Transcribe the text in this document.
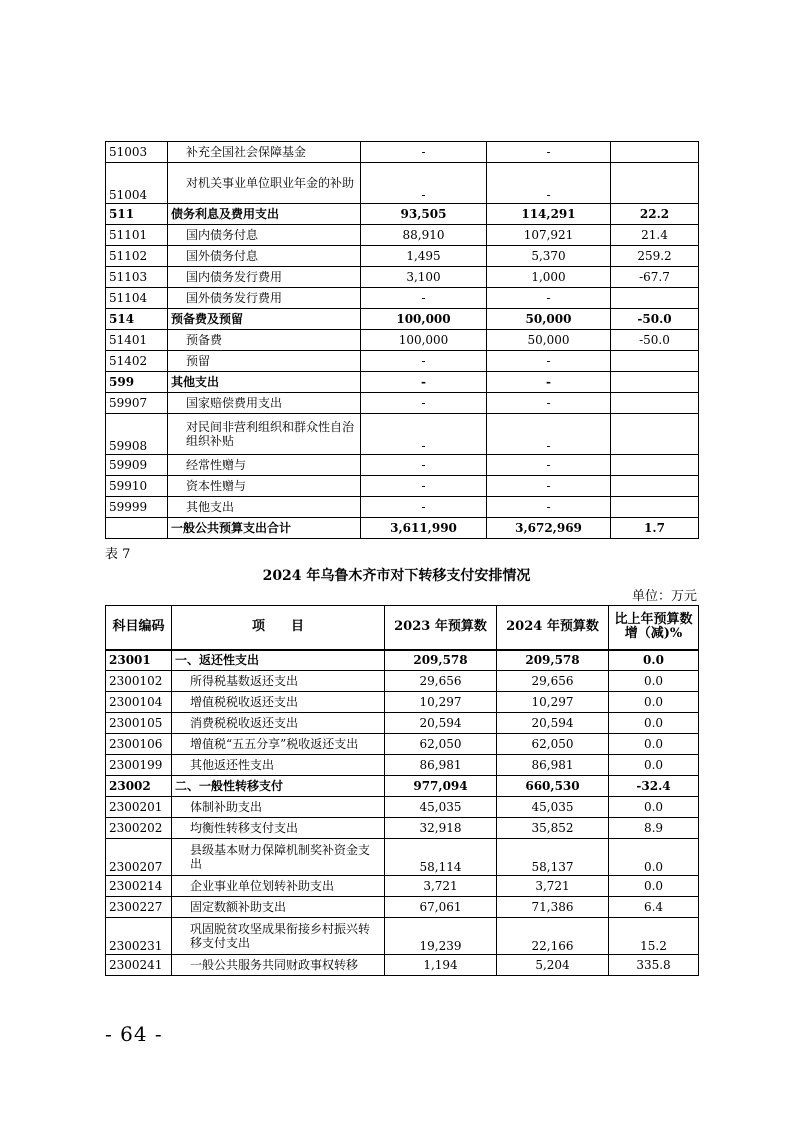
51003	补充全国社会保障基金	-	-	
51004	对机关事业单位职业年金的补助	-	-	
511	债务利息及费用支出	93,505	114,291	22.2
51101	国内债务付息	88,910	107,921	21.4
51102	国外债务付息	1,495	5,370	259.2
51103	国内债务发行费用	3,100	1,000	-67.7
51104	国外债务发行费用	-	-	
514	预备费及预留	100,000	50,000	-50.0
51401	预备费	100,000	50,000	-50.0
51402	预留	-	-	
599	其他支出	-	-	
59907	国家赔偿费用支出	-	-	
59908	对民间非营利组织和群众性自治组织补贴	-	-	
59909	经常性赠与	-	-	
59910	资本性赠与	-	-	
59999	其他支出	-	-	
	一般公共预算支出合计	3,611,990	3,672,969	1.7
表 7
2024 年乌鲁木齐市对下转移支付安排情况
单位：万元
科目编码	项　　目	2023 年预算数	2024 年预算数	比上年预算数增（减)%
23001	一、返还性支出	209,578	209,578	0.0
2300102	所得税基数返还支出	29,656	29,656	0.0
2300104	增值税税收返还支出	10,297	10,297	0.0
2300105	消费税税收返还支出	20,594	20,594	0.0
2300106	增值税“五五分享”税收返还支出	62,050	62,050	0.0
2300199	其他返还性支出	86,981	86,981	0.0
23002	二、一般性转移支付	977,094	660,530	-32.4
2300201	体制补助支出	45,035	45,035	0.0
2300202	均衡性转移支付支出	32,918	35,852	8.9
2300207	县级基本财力保障机制奖补资金支出	58,114	58,137	0.0
2300214	企业事业单位划转补助支出	3,721	3,721	0.0
2300227	固定数额补助支出	67,061	71,386	6.4
2300231	巩固脱贫攻坚成果衔接乡村振兴转移支付支出	19,239	22,166	15.2
2300241	一般公共服务共同财政事权转移	1,194	5,204	335.8
- 64 -
